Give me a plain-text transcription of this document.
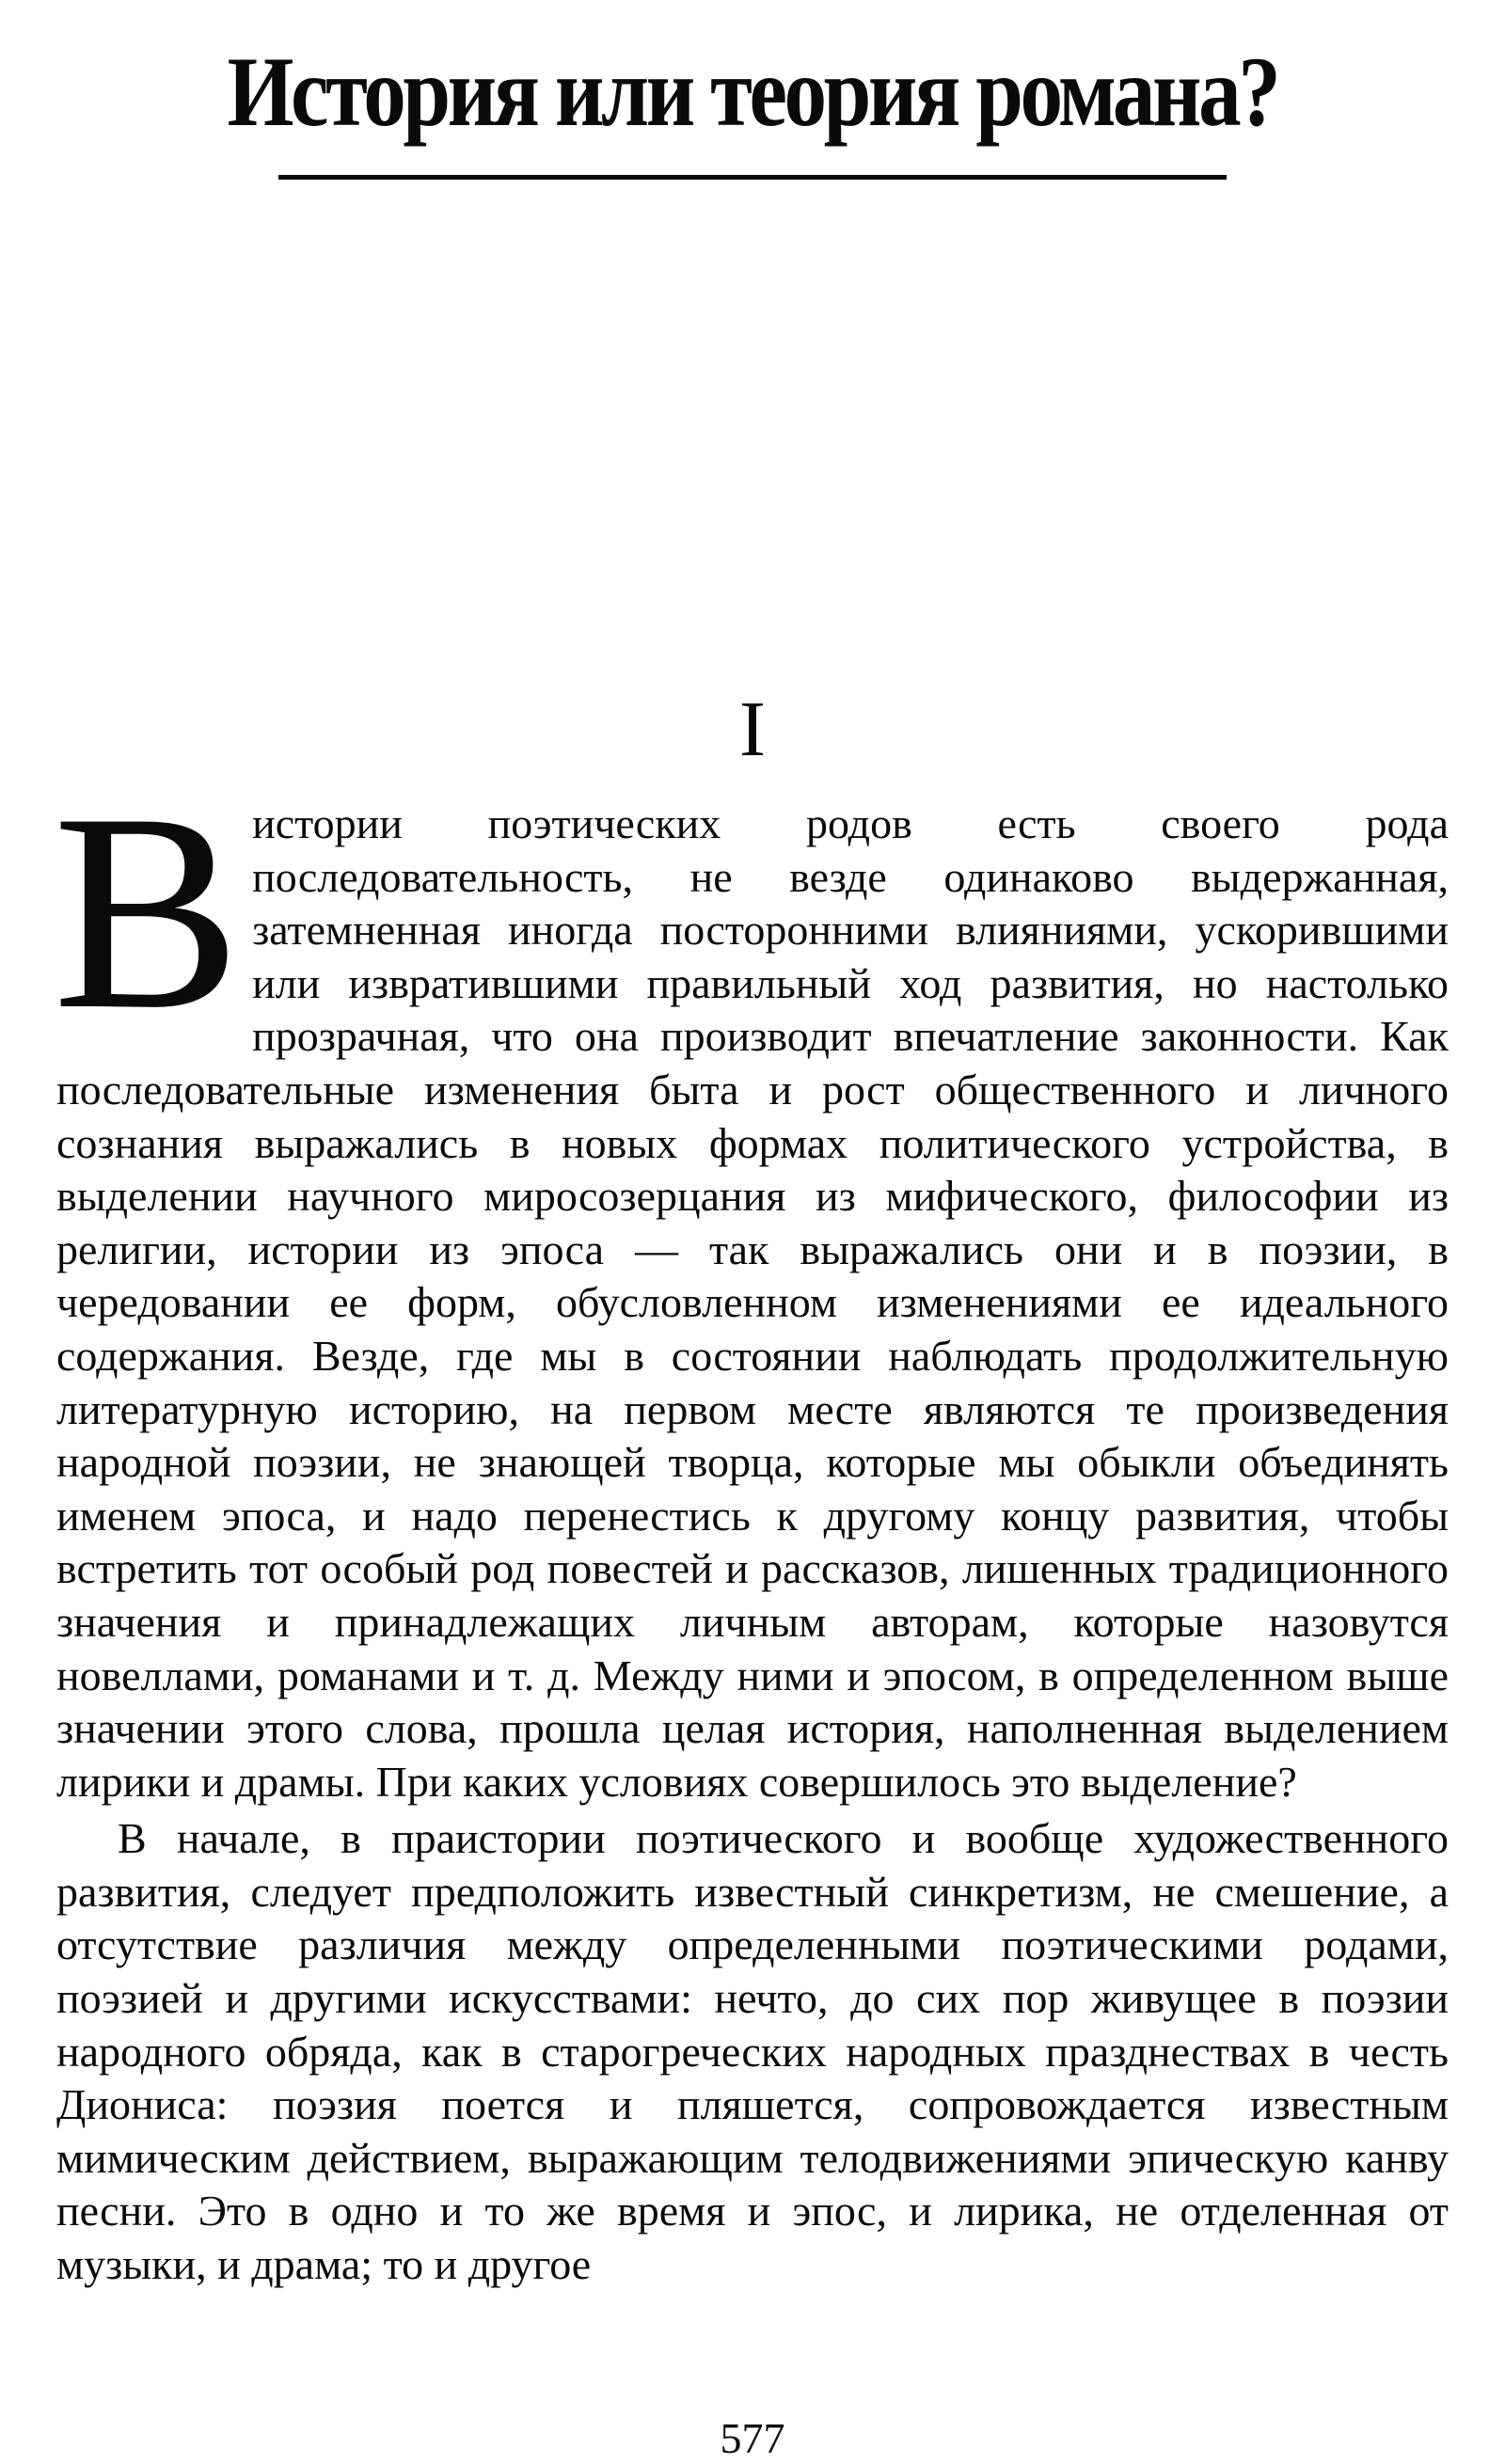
История или теория романа?
I

В истории поэтических родов есть своего рода последовательность, не везде одинаково выдержанная, затемненная иногда посторонними влияниями, ускорившими или извратившими правильный ход развития, но настолько прозрачная, что она производит впечатление законности. Как последовательные изменения быта и рост общественного и личного сознания выражались в новых формах политического устройства, в выделении научного миросозерцания из мифического, философии из религии, истории из эпоса — так выражались они и в поэзии, в чередовании ее форм, обусловленном изменениями ее идеального содержания. Везде, где мы в состоянии наблюдать продолжительную литературную историю, на первом месте являются те произведения народной поэзии, не знающей творца, которые мы обыкли объединять именем эпоса, и надо перенестись к другому концу развития, чтобы встретить тот особый род повестей и рассказов, лишенных традиционного значения и принадлежащих личным авторам, которые назовутся новеллами, романами и т. д. Между ними и эпосом, в определенном выше значении этого слова, прошла целая история, наполненная выделением лирики и драмы. При каких условиях совершилось это выделение?

В начале, в праистории поэтического и вообще художественного развития, следует предположить известный синкретизм, не смешение, а отсутствие различия между определенными поэтическими родами, поэзией и другими искусствами: нечто, до сих пор живущее в поэзии народного обряда, как в старогреческих народных празднествах в честь Диониса: поэзия поется и пляшется, сопровождается известным мимическим действием, выражающим телодвижениями эпическую канву песни. Это в одно и то же время и эпос, и лирика, не отделенная от музыки, и драма; то и другое

577
